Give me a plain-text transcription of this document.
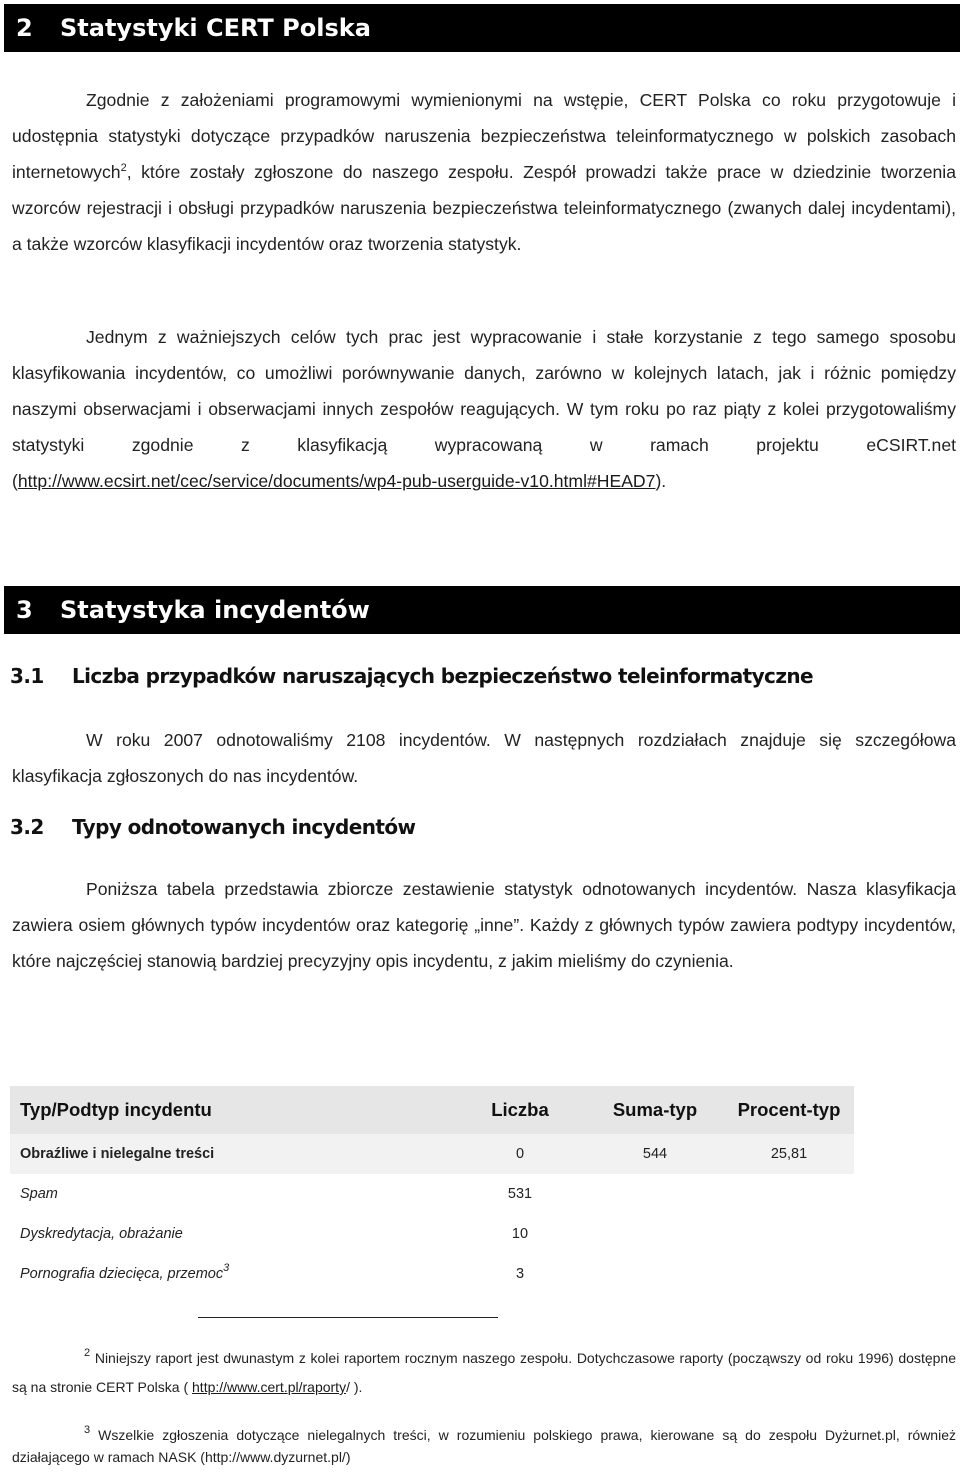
2 Statystyki CERT Polska
Zgodnie z założeniami programowymi wymienionymi na wstępie, CERT Polska co roku przygotowuje i udostępnia statystyki dotyczące przypadków naruszenia bezpieczeństwa teleinformatycznego w polskich zasobach internetowych$^2$, które zostały zgłoszone do naszego zespołu. Zespół prowadzi także prace w dziedzinie tworzenia wzorców rejestracji i obsługi przypadków naruszenia bezpieczeństwa teleinformatycznego (zwanych dalej incydentami), a także wzorców klasyfikacji incydentów oraz tworzenia statystyk.
Jednym z ważniejszych celów tych prac jest wypracowanie i stałe korzystanie z tego samego sposobu klasyfikowania incydentów, co umożliwi porównywanie danych, zarówno w kolejnych latach, jak i różnic pomiędzy naszymi obserwacjami i obserwacjami innych zespołów reagujących. W tym roku po raz piąty z kolei przygotowaliśmy statystyki zgodnie z klasyfikacją wypracowaną w ramach projektu eCSIRT.net (http://www.ecsirt.net/cec/service/documents/wp4-pub-userguide-v10.html#HEAD7).
3 Statystyka incydentów
3.1 Liczba przypadków naruszających bezpieczeństwo teleinformatyczne
W roku 2007 odnotowaliśmy 2108 incydentów. W następnych rozdziałach znajduje się szczegółowa klasyfikacja zgłoszonych do nas incydentów.
3.2 Typy odnotowanych incydentów
Poniższa tabela przedstawia zbiorcze zestawienie statystyk odnotowanych incydentów. Nasza klasyfikacja zawiera osiem głównych typów incydentów oraz kategorię „inne”. Każdy z głównych typów zawiera podtypy incydentów, które najczęściej stanowią bardziej precyzyjny opis incydentu, z jakim mieliśmy do czynienia.
Typ/Podtyp incydentu	Liczba	Suma-typ	Procent-typ
Obraźliwe i nielegalne treści	0	544	25,81
Spam	531		
Dyskredytacja, obrażanie	10		
Pornografia dziecięca, przemoc$^3$	3		
$^2$ Niniejszy raport jest dwunastym z kolei raportem rocznym naszego zespołu. Dotychczasowe raporty (począwszy od roku 1996) dostępne są na stronie CERT Polska ( http://www.cert.pl/raporty/ ).
$^3$ Wszelkie zgłoszenia dotyczące nielegalnych treści, w rozumieniu polskiego prawa, kierowane są do zespołu Dyżurnet.pl, również działającego w ramach NASK (http://www.dyzurnet.pl/)
